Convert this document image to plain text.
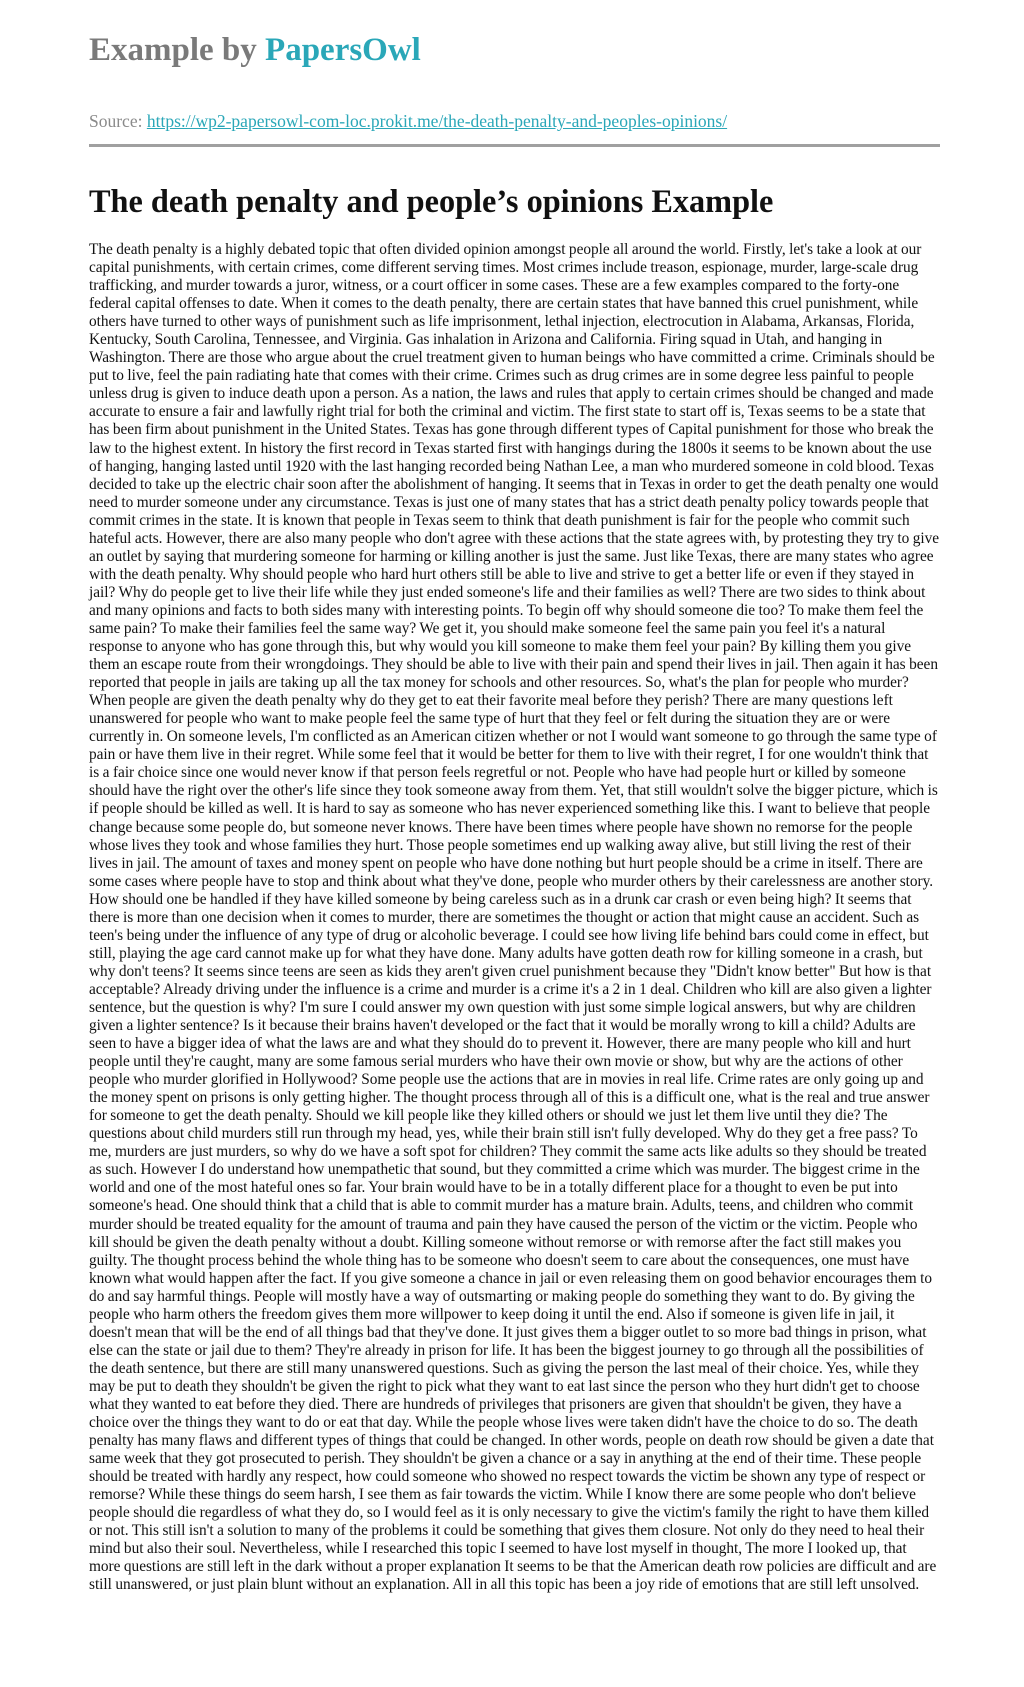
Example by PapersOwl
Source: https://wp2-papersowl-com-loc.prokit.me/the-death-penalty-and-peoples-opinions/
The death penalty and people’s opinions Example

The death penalty is a highly debated topic that often divided opinion amongst people all around the world. Firstly, let's take a look at our capital punishments, with certain crimes, come different serving times. Most crimes include treason, espionage, murder, large-scale drug trafficking, and murder towards a juror, witness, or a court officer in some cases. These are a few examples compared to the forty-one federal capital offenses to date. When it comes to the death penalty, there are certain states that have banned this cruel punishment, while others have turned to other ways of punishment such as life imprisonment, lethal injection, electrocution in Alabama, Arkansas, Florida, Kentucky, South Carolina, Tennessee, and Virginia. Gas inhalation in Arizona and California. Firing squad in Utah, and hanging in Washington. There are those who argue about the cruel treatment given to human beings who have committed a crime. Criminals should be put to live, feel the pain radiating hate that comes with their crime. Crimes such as drug crimes are in some degree less painful to people unless drug is given to induce death upon a person. As a nation, the laws and rules that apply to certain crimes should be changed and made accurate to ensure a fair and lawfully right trial for both the criminal and victim. The first state to start off is, Texas seems to be a state that has been firm about punishment in the United States. Texas has gone through different types of Capital punishment for those who break the law to the highest extent. In history the first record in Texas started first with hangings during the 1800s it seems to be known about the use of hanging, hanging lasted until 1920 with the last hanging recorded being Nathan Lee, a man who murdered someone in cold blood. Texas decided to take up the electric chair soon after the abolishment of hanging. It seems that in Texas in order to get the death penalty one would need to murder someone under any circumstance. Texas is just one of many states that has a strict death penalty policy towards people that commit crimes in the state. It is known that people in Texas seem to think that death punishment is fair for the people who commit such hateful acts. However, there are also many people who don't agree with these actions that the state agrees with, by protesting they try to give an outlet by saying that murdering someone for harming or killing another is just the same. Just like Texas, there are many states who agree with the death penalty. Why should people who hard hurt others still be able to live and strive to get a better life or even if they stayed in jail? Why do people get to live their life while they just ended someone's life and their families as well? There are two sides to think about and many opinions and facts to both sides many with interesting points. To begin off why should someone die too? To make them feel the same pain? To make their families feel the same way? We get it, you should make someone feel the same pain you feel it's a natural response to anyone who has gone through this, but why would you kill someone to make them feel your pain? By killing them you give them an escape route from their wrongdoings. They should be able to live with their pain and spend their lives in jail. Then again it has been reported that people in jails are taking up all the tax money for schools and other resources. So, what's the plan for people who murder? When people are given the death penalty why do they get to eat their favorite meal before they perish? There are many questions left unanswered for people who want to make people feel the same type of hurt that they feel or felt during the situation they are or were currently in. On someone levels, I'm conflicted as an American citizen whether or not I would want someone to go through the same type of pain or have them live in their regret. While some feel that it would be better for them to live with their regret, I for one wouldn't think that is a fair choice since one would never know if that person feels regretful or not. People who have had people hurt or killed by someone should have the right over the other's life since they took someone away from them. Yet, that still wouldn't solve the bigger picture, which is if people should be killed as well. It is hard to say as someone who has never experienced something like this. I want to believe that people change because some people do, but someone never knows. There have been times where people have shown no remorse for the people whose lives they took and whose families they hurt. Those people sometimes end up walking away alive, but still living the rest of their lives in jail. The amount of taxes and money spent on people who have done nothing but hurt people should be a crime in itself. There are some cases where people have to stop and think about what they've done, people who murder others by their carelessness are another story. How should one be handled if they have killed someone by being careless such as in a drunk car crash or even being high? It seems that there is more than one decision when it comes to murder, there are sometimes the thought or action that might cause an accident. Such as teen's being under the influence of any type of drug or alcoholic beverage. I could see how living life behind bars could come in effect, but still, playing the age card cannot make up for what they have done. Many adults have gotten death row for killing someone in a crash, but why don't teens? It seems since teens are seen as kids they aren't given cruel punishment because they "Didn't know better" But how is that acceptable? Already driving under the influence is a crime and murder is a crime it's a 2 in 1 deal. Children who kill are also given a lighter sentence, but the question is why? I'm sure I could answer my own question with just some simple logical answers, but why are children given a lighter sentence? Is it because their brains haven't developed or the fact that it would be morally wrong to kill a child? Adults are seen to have a bigger idea of what the laws are and what they should do to prevent it. However, there are many people who kill and hurt people until they're caught, many are some famous serial murders who have their own movie or show, but why are the actions of other people who murder glorified in Hollywood? Some people use the actions that are in movies in real life. Crime rates are only going up and the money spent on prisons is only getting higher. The thought process through all of this is a difficult one, what is the real and true answer for someone to get the death penalty. Should we kill people like they killed others or should we just let them live until they die? The questions about child murders still run through my head, yes, while their brain still isn't fully developed. Why do they get a free pass? To me, murders are just murders, so why do we have a soft spot for children? They commit the same acts like adults so they should be treated as such. However I do understand how unempathetic that sound, but they committed a crime which was murder. The biggest crime in the world and one of the most hateful ones so far. Your brain would have to be in a totally different place for a thought to even be put into someone's head. One should think that a child that is able to commit murder has a mature brain. Adults, teens, and children who commit murder should be treated equality for the amount of trauma and pain they have caused the person of the victim or the victim. People who kill should be given the death penalty without a doubt. Killing someone without remorse or with remorse after the fact still makes you guilty. The thought process behind the whole thing has to be someone who doesn't seem to care about the consequences, one must have known what would happen after the fact. If you give someone a chance in jail or even releasing them on good behavior encourages them to do and say harmful things. People will mostly have a way of outsmarting or making people do something they want to do. By giving the people who harm others the freedom gives them more willpower to keep doing it until the end. Also if someone is given life in jail, it doesn't mean that will be the end of all things bad that they've done. It just gives them a bigger outlet to so more bad things in prison, what else can the state or jail due to them? They're already in prison for life. It has been the biggest journey to go through all the possibilities of the death sentence, but there are still many unanswered questions. Such as giving the person the last meal of their choice. Yes, while they may be put to death they shouldn't be given the right to pick what they want to eat last since the person who they hurt didn't get to choose what they wanted to eat before they died. There are hundreds of privileges that prisoners are given that shouldn't be given, they have a choice over the things they want to do or eat that day. While the people whose lives were taken didn't have the choice to do so. The death penalty has many flaws and different types of things that could be changed. In other words, people on death row should be given a date that same week that they got prosecuted to perish. They shouldn't be given a chance or a say in anything at the end of their time. These people should be treated with hardly any respect, how could someone who showed no respect towards the victim be shown any type of respect or remorse? While these things do seem harsh, I see them as fair towards the victim. While I know there are some people who don't believe people should die regardless of what they do, so I would feel as it is only necessary to give the victim's family the right to have them killed or not. This still isn't a solution to many of the problems it could be something that gives them closure. Not only do they need to heal their mind but also their soul. Nevertheless, while I researched this topic I seemed to have lost myself in thought, The more I looked up, that more questions are still left in the dark without a proper explanation It seems to be that the American death row policies are difficult and are still unanswered, or just plain blunt without an explanation. All in all this topic has been a joy ride of emotions that are still left unsolved.
